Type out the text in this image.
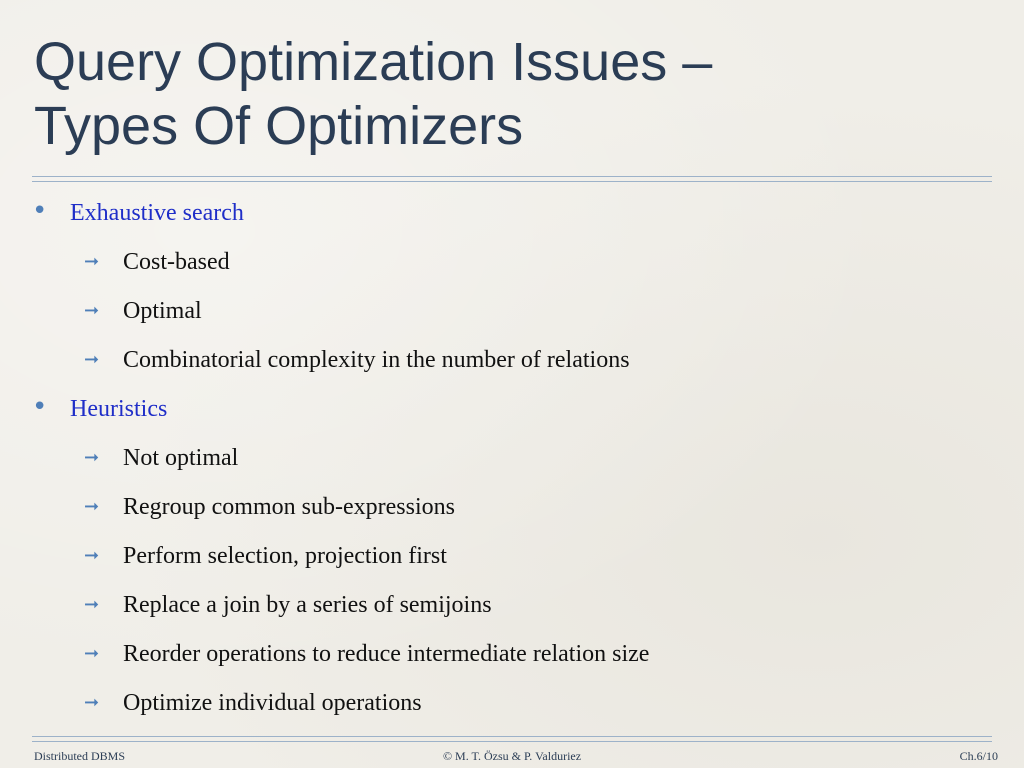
Query Optimization Issues –
Types Of Optimizers
• Exhaustive search
➞ Cost-based
➞ Optimal
➞ Combinatorial complexity in the number of relations
• Heuristics
➞ Not optimal
➞ Regroup common sub-expressions
➞ Perform selection, projection first
➞ Replace a join by a series of semijoins
➞ Reorder operations to reduce intermediate relation size
➞ Optimize individual operations
Distributed DBMS	© M. T. Özsu & P. Valduriez	Ch.6/10
